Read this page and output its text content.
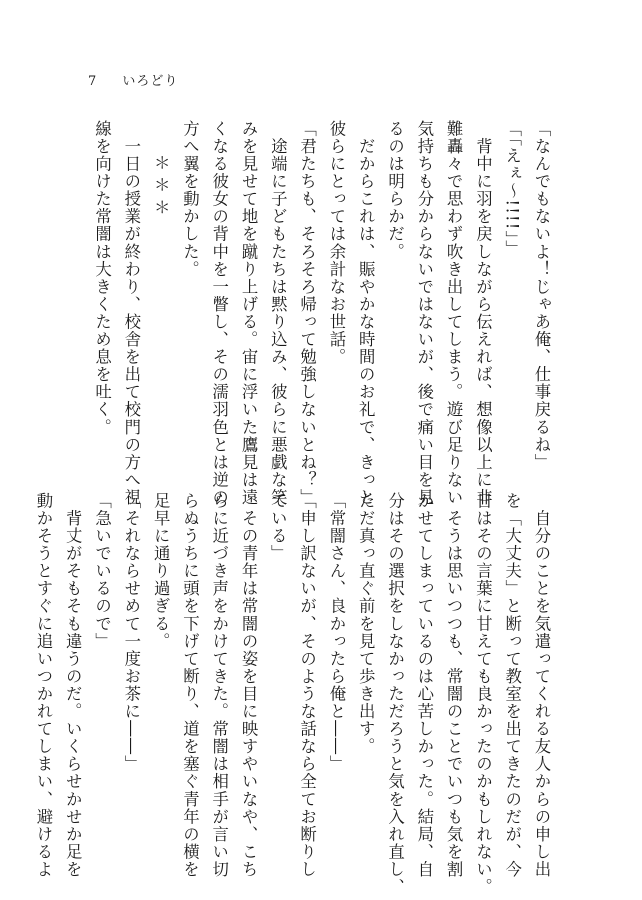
7 いろどり
「なんでもないよ！じゃあ俺、仕事戻るね」
「「えぇ～!!!!」」
　背中に羽を戻しながら伝えれば、想像以上に非
難轟々で思わず吹き出してしまう。遊び足りない
気持ちも分からないではないが、後で痛い目を見
るのは明らかだ。
　だからこれは、賑やかな時間のお礼で、きっと
彼らにとっては余計なお世話。
「君たちも、そろそろ帰って勉強しないとね？」
　途端に子どもたちは黙り込み、彼らに悪戯な笑
みを見せて地を蹴り上げる。宙に浮いた鷹見は遠
くなる彼女の背中を一瞥し、その濡羽色とは逆の
方へ翼を動かした。
＊＊＊
　一日の授業が終わり、校舎を出て校門の方へ視
線を向けた常闇は大きくため息を吐く。
　自分のことを気遣ってくれる友人からの申し出
を「大丈夫」と断って教室を出てきたのだが、今
日はその言葉に甘えても良かったのかもしれない。
　そうは思いつつも、常闇のことでいつも気を割
かせてしまっているのは心苦しかった。結局、自
分はその選択をしなかっただろうと気を入れ直し、
ただ真っ直ぐ前を見て歩き出す。
「常闇さん、良かったら俺と――」
「申し訳ないが、そのような話なら全てお断りし
ている」
　その青年は常闇の姿を目に映すやいなや、こち
らに近づき声をかけてきた。常闇は相手が言い切
らぬうちに頭を下げて断り、道を塞ぐ青年の横を
足早に通り過ぎる。
「それならせめて一度お茶に――」
「急いでいるので」
　背丈がそもそも違うのだ。いくらせかせか足を
動かそうとすぐに追いつかれてしまい、避けるよ
